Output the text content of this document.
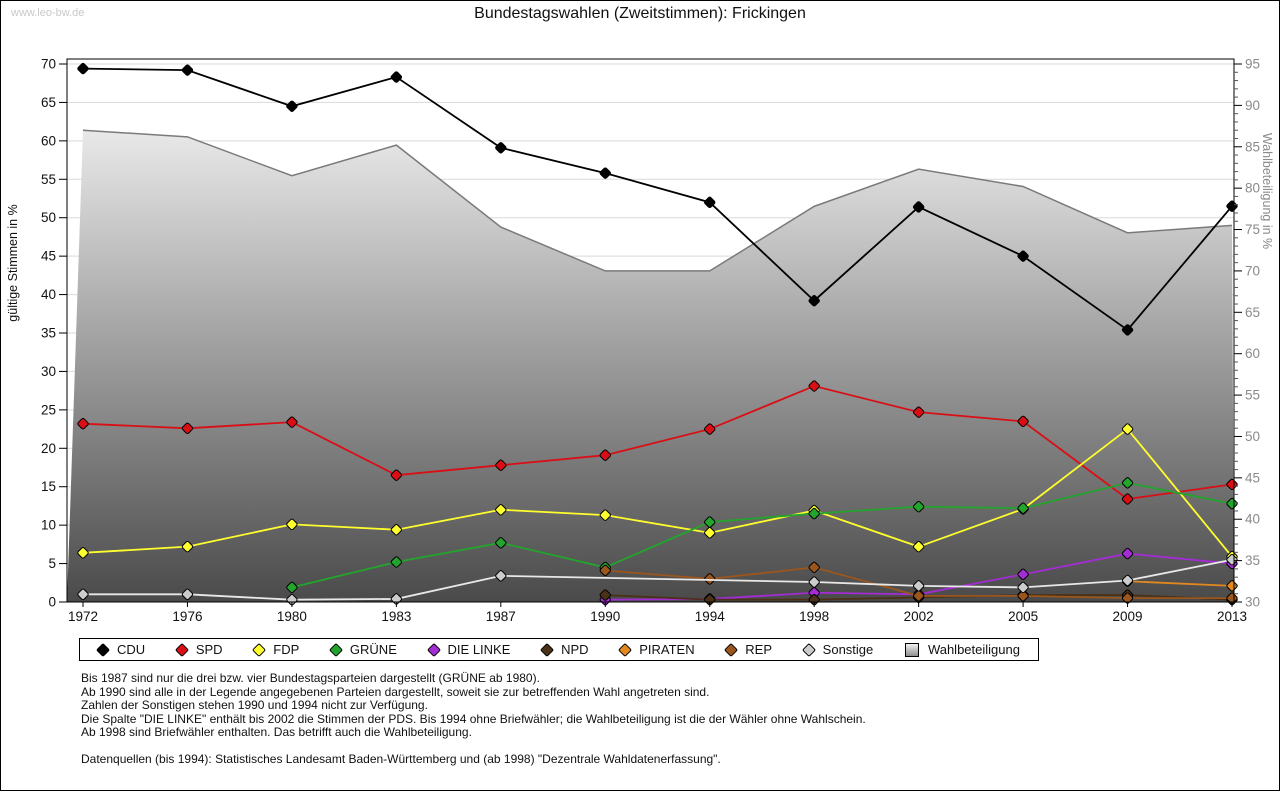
www.leo-bw.de	Bundestagswahlen (Zweitstimmen): Frickingen
0
5
10
15
20
25
30
35
40
45
50
55
60
65
70
30
35
40
45
50
55
60
65
70
75
80
85
90
95
1972	1976	1980	1983	1987	1990	1994	1998	2002	2005	2009	2013
gültige Stimmen in %
Wahlbeteiligung in %
CDU	SPD	FDP	GRÜNE	DIE LINKE	NPD	PIRATEN	REP	Sonstige	Wahlbeteiligung
Bis 1987 sind nur die drei bzw. vier Bundestagsparteien dargestellt (GRÜNE ab 1980).
Ab 1990 sind alle in der Legende angegebenen Parteien dargestellt, soweit sie zur betreffenden Wahl angetreten sind.
Zahlen der Sonstigen stehen 1990 und 1994 nicht zur Verfügung.
Die Spalte "DIE LINKE" enthält bis 2002 die Stimmen der PDS. Bis 1994 ohne Briefwähler; die Wahlbeteiligung ist die der Wähler ohne Wahlschein.
Ab 1998 sind Briefwähler enthalten. Das betrifft auch die Wahlbeteiligung.
Datenquellen (bis 1994): Statistisches Landesamt Baden-Württemberg und (ab 1998) "Dezentrale Wahldatenerfassung".
